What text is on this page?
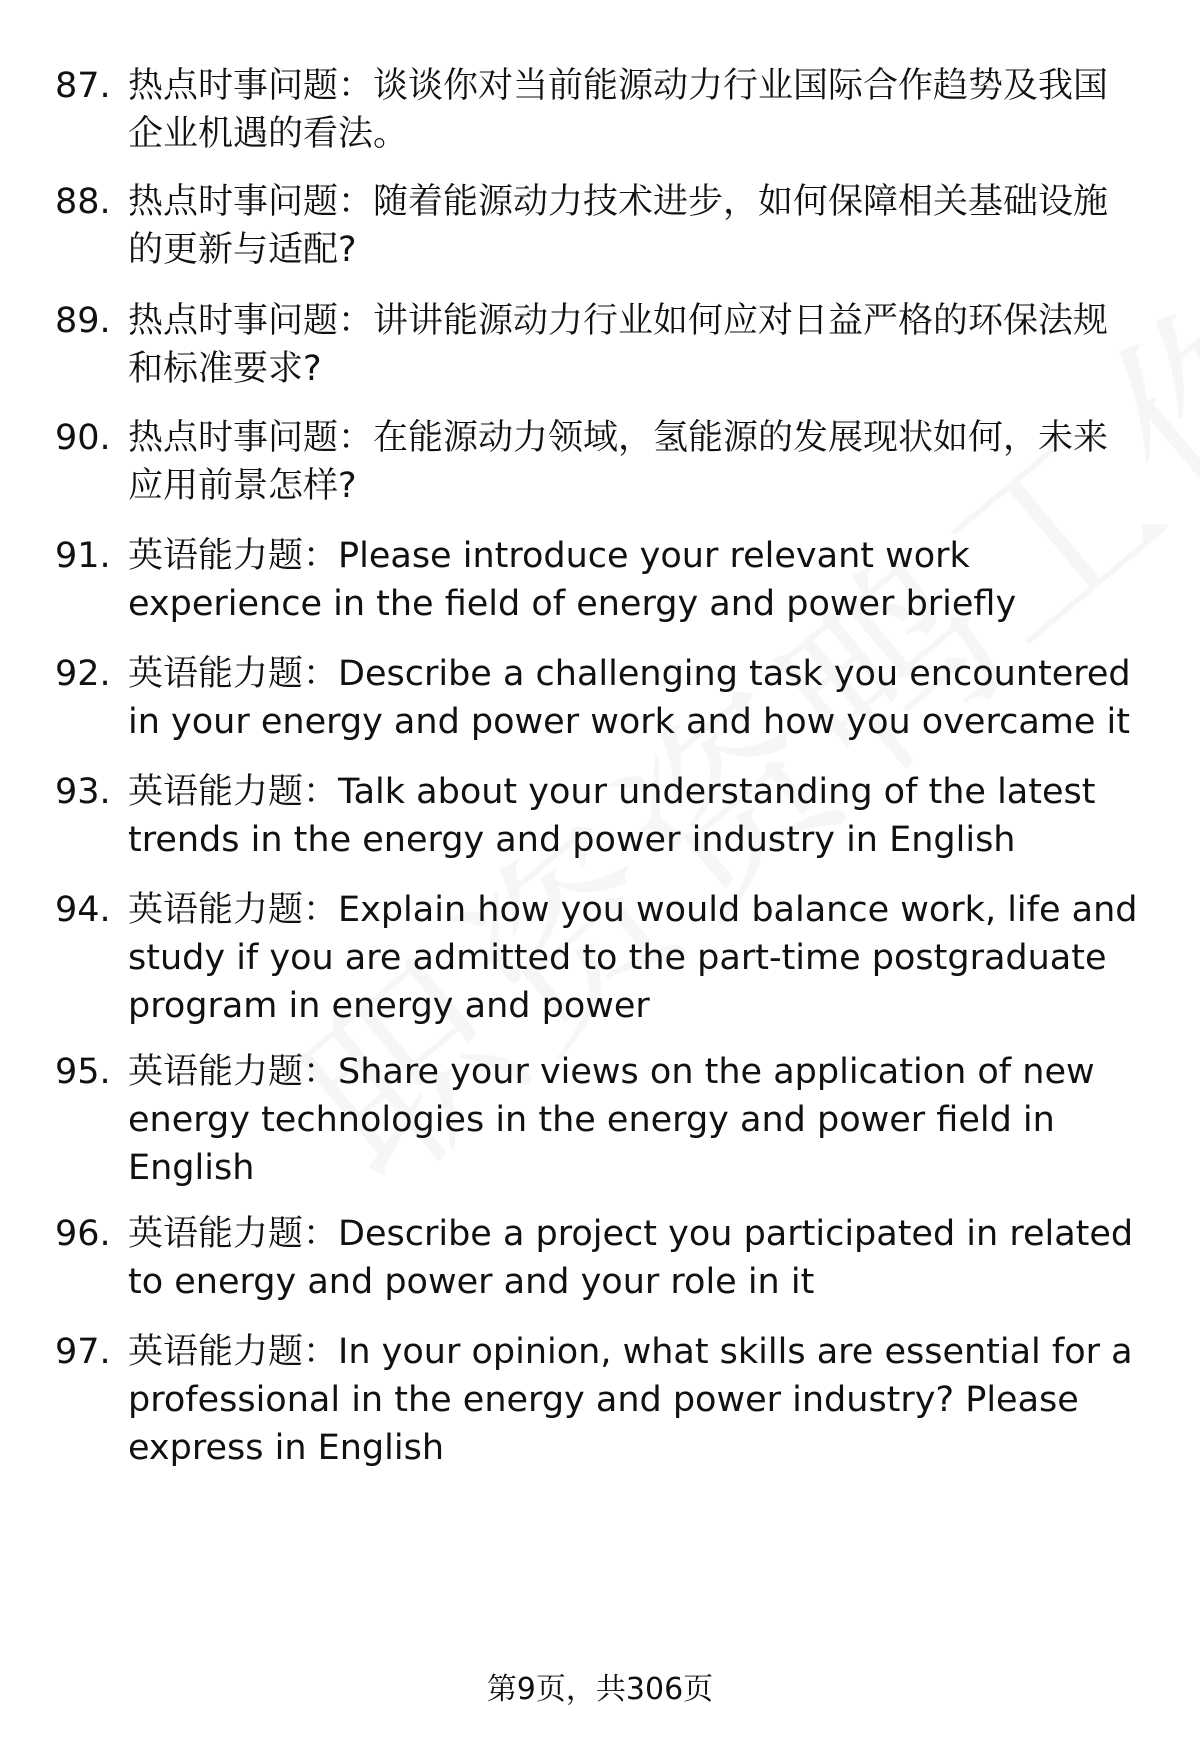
87. 热点时事问题：谈谈你对当前能源动力行业国际合作趋势及我国企业机遇的看法。
88. 热点时事问题：随着能源动力技术进步，如何保障相关基础设施的更新与适配?
89. 热点时事问题：讲讲能源动力行业如何应对日益严格的环保法规和标准要求?
90. 热点时事问题：在能源动力领域，氢能源的发展现状如何，未来应用前景怎样?
91. 英语能力题：Please introduce your relevant work experience in the field of energy and power briefly
92. 英语能力题：Describe a challenging task you encountered in your energy and power work and how you overcame it
93. 英语能力题：Talk about your understanding of the latest trends in the energy and power industry in English
94. 英语能力题：Explain how you would balance work, life and study if you are admitted to the part-time postgraduate program in energy and power
95. 英语能力题：Share your views on the application of new energy technologies in the energy and power field in English
96. 英语能力题：Describe a project you participated in related to energy and power and your role in it
97. 英语能力题：In your opinion, what skills are essential for a professional in the energy and power industry? Please express in English
第9页，共306页
